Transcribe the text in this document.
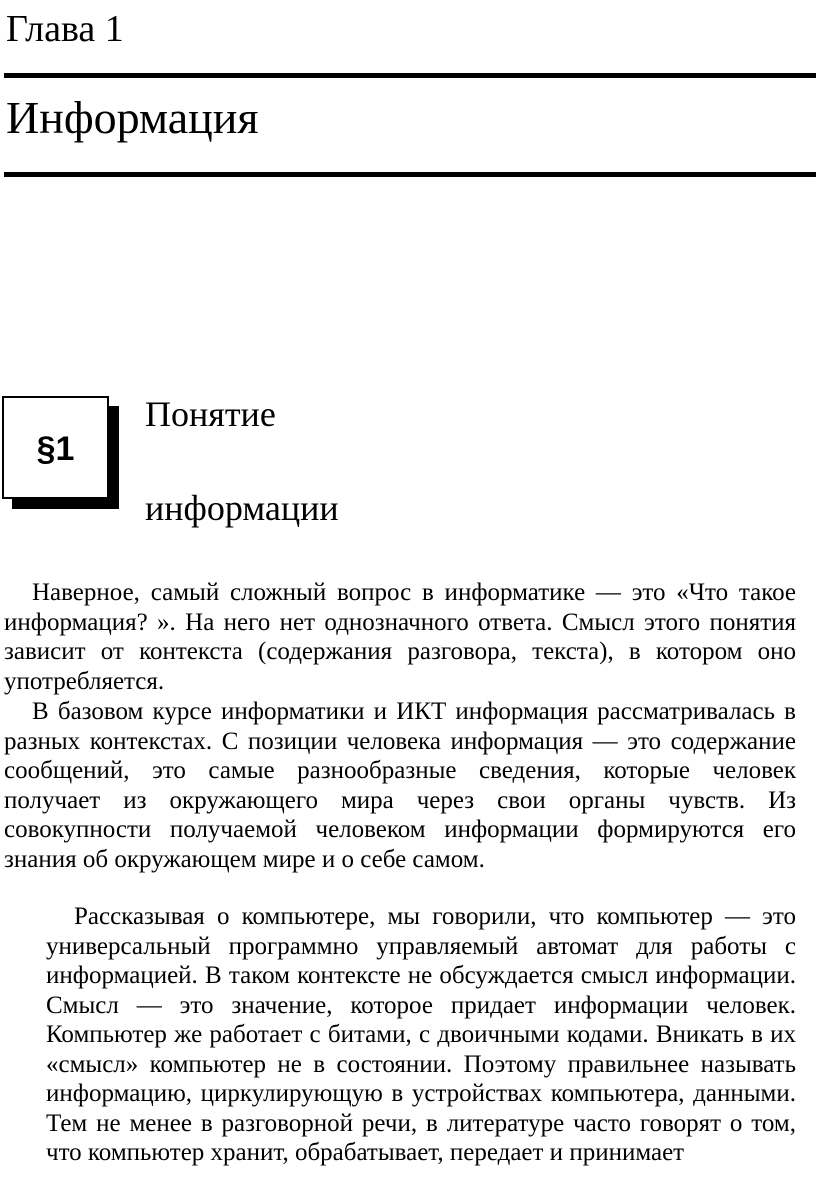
Глава 1
Информация
§1
Понятие
информации

Наверное, самый сложный вопрос в информатике — это «Что такое информация? ». На него нет однозначного ответа. Смысл этого понятия зависит от контекста (содержания разговора, текста), в котором оно употребляется.

В базовом курсе информатики и ИКТ информация рассматривалась в разных контекстах. С позиции человека информация — это содержание сообщений, это самые разнообразные сведения, которые человек получает из окружающего мира через свои органы чувств. Из совокупности получаемой человеком информации формируются его знания об окружающем мире и о себе самом.

Рассказывая о компьютере, мы говорили, что компьютер — это универсальный программно управляемый автомат для работы с информацией. В таком контексте не обсуждается смысл информации. Смысл — это значение, которое придает информации человек. Компьютер же работает с битами, с двоичными кодами. Вникать в их «смысл» компьютер не в состоянии. Поэтому правильнее называть информацию, циркулирующую в устройствах компьютера, данными. Тем не менее в разговорной речи, в литературе часто говорят о том, что компьютер хранит, обрабатывает, передает и принимает
